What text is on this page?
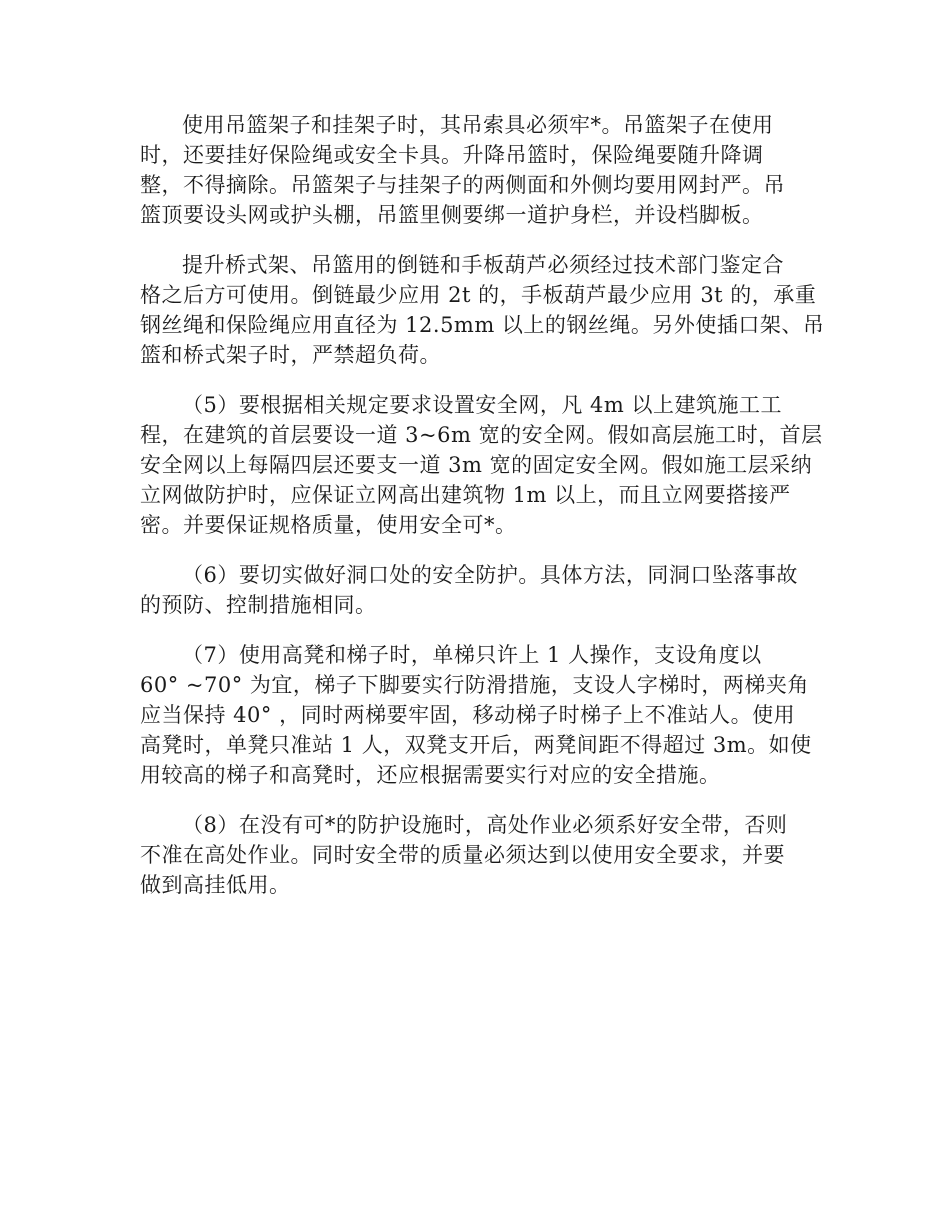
使用吊篮架子和挂架子时，其吊索具必须牢*。吊篮架子在使用
时，还要挂好保险绳或安全卡具。升降吊篮时，保险绳要随升降调
整，不得摘除。吊篮架子与挂架子的两侧面和外侧均要用网封严。吊
篮顶要设头网或护头棚，吊篮里侧要绑一道护身栏，并设档脚板。

提升桥式架、吊篮用的倒链和手板葫芦必须经过技术部门鉴定合
格之后方可使用。倒链最少应用 2t 的，手板葫芦最少应用 3t 的，承重
钢丝绳和保险绳应用直径为 12.5mm 以上的钢丝绳。另外使插口架、吊
篮和桥式架子时，严禁超负荷。

（5）要根据相关规定要求设置安全网，凡 4m 以上建筑施工工
程，在建筑的首层要设一道 3~6m 宽的安全网。假如高层施工时，首层
安全网以上每隔四层还要支一道 3m 宽的固定安全网。假如施工层采纳
立网做防护时，应保证立网高出建筑物 1m 以上，而且立网要搭接严
密。并要保证规格质量，使用安全可*。

（6）要切实做好洞口处的安全防护。具体方法，同洞口坠落事故
的预防、控制措施相同。

（7）使用高凳和梯子时，单梯只许上 1 人操作，支设角度以
60° ~70° 为宜，梯子下脚要实行防滑措施，支设人字梯时，两梯夹角
应当保持 40° ，同时两梯要牢固，移动梯子时梯子上不准站人。使用
高凳时，单凳只准站 1 人，双凳支开后，两凳间距不得超过 3m。如使
用较高的梯子和高凳时，还应根据需要实行对应的安全措施。

（8）在没有可*的防护设施时，高处作业必须系好安全带，否则
不准在高处作业。同时安全带的质量必须达到以使用安全要求，并要
做到高挂低用。
